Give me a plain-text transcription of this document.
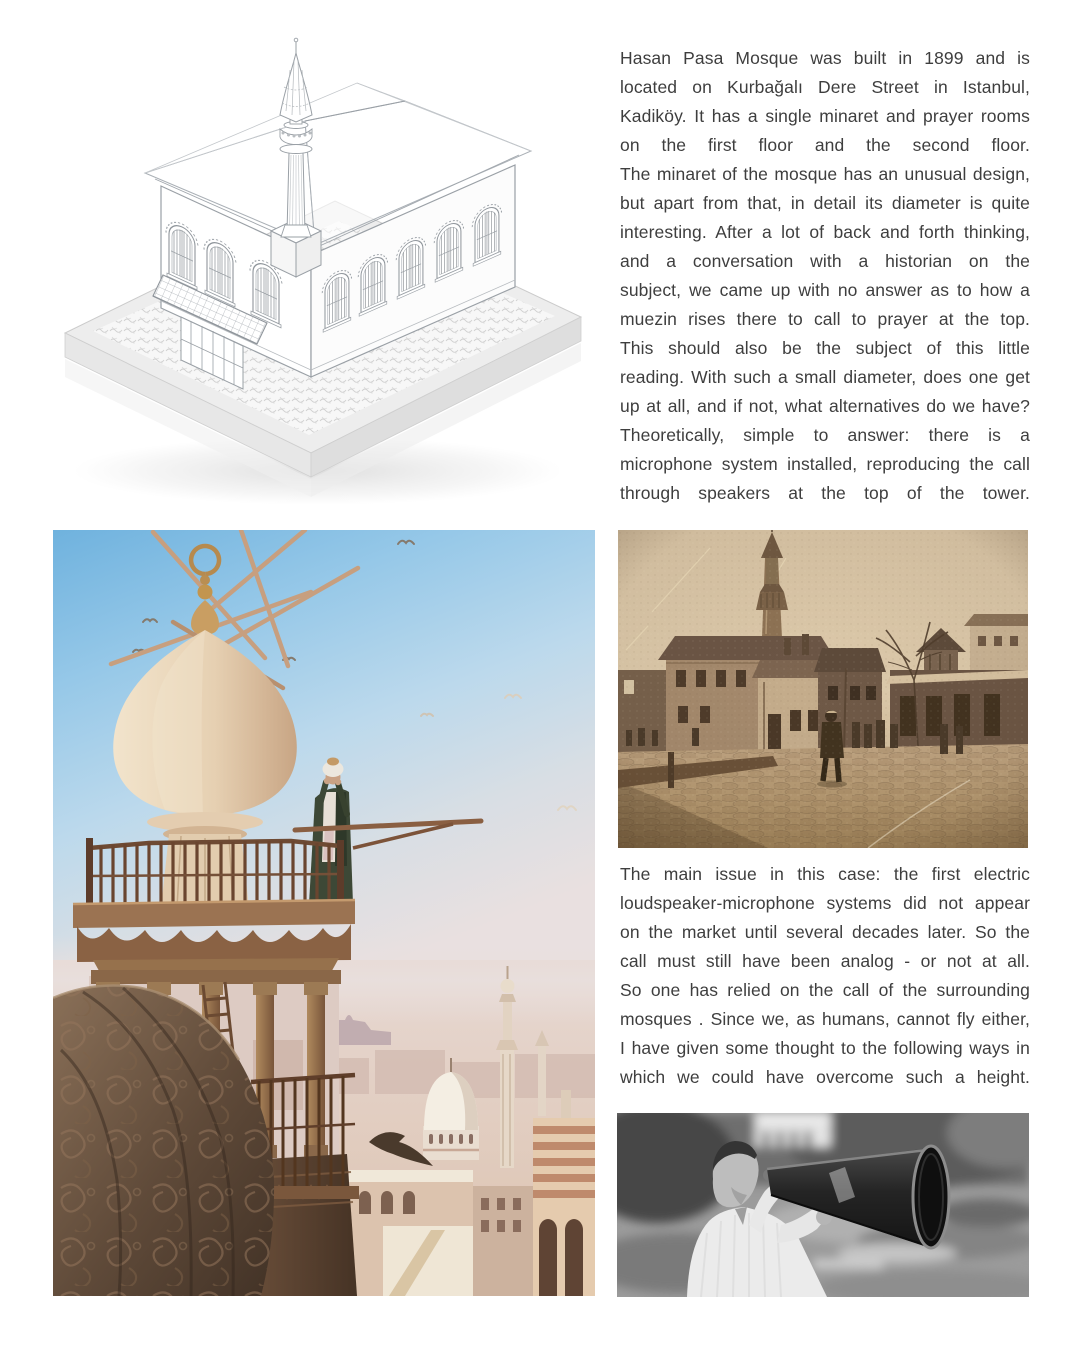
Hasan Pasa Mosque was built in 1899 and is
located on Kurbağalı Dere Street in Istanbul,
Kadiköy. It has a single minaret and prayer rooms
on the first floor and the second floor.
The minaret of the mosque has an unusual design,
but apart from that, in detail its diameter is quite
interesting. After a lot of back and forth thinking,
and a conversation with a historian on the
subject, we came up with no answer as to how a
muezin rises there to call to prayer at the top.
This should also be the subject of this little
reading. With such a small diameter, does one get
up at all, and if not, what alternatives do we have?
Theoretically, simple to answer: there is a
microphone system installed, reproducing the call
through speakers at the top of the tower.
The main issue in this case: the first electric
loudspeaker-microphone systems did not appear
on the market until several decades later. So the
call must still have been analog - or not at all.
So one has relied on the call of the surrounding
mosques . Since we, as humans, cannot fly either,
I have given some thought to the following ways in
which we could have overcome such a height.
